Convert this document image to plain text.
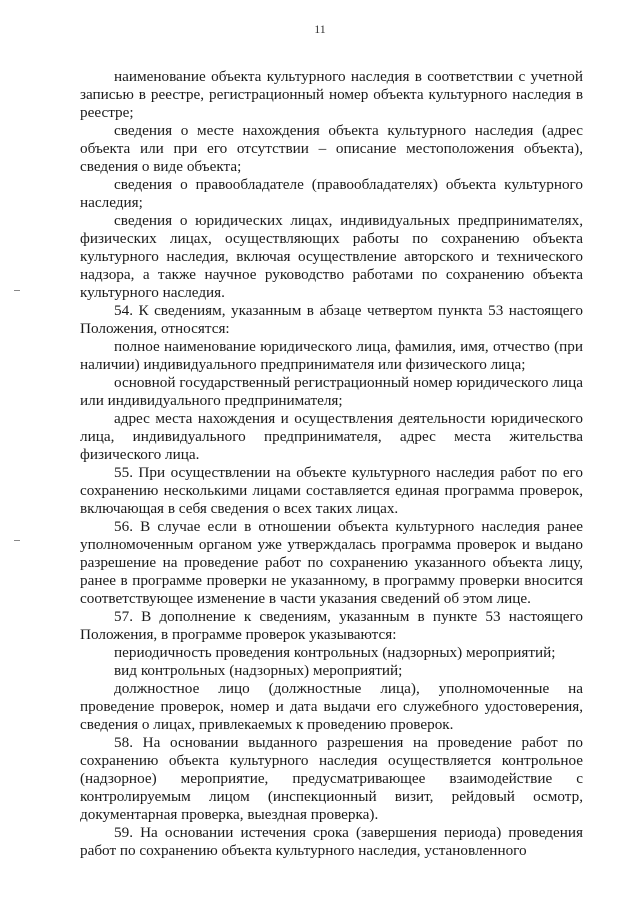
11

наименование объекта культурного наследия в соответствии с учетной записью в реестре, регистрационный номер объекта культурного наследия в реестре;

сведения о месте нахождения объекта культурного наследия (адрес объекта или при его отсутствии – описание местоположения объекта), сведения о виде объекта;

сведения о правообладателе (правообладателях) объекта культурного наследия;

сведения о юридических лицах, индивидуальных предпринимателях, физических лицах, осуществляющих работы по сохранению объекта культурного наследия, включая осуществление авторского и технического надзора, а также научное руководство работами по сохранению объекта культурного наследия.

54. К сведениям, указанным в абзаце четвертом пункта 53 настоящего Положения, относятся:

полное наименование юридического лица, фамилия, имя, отчество (при наличии) индивидуального предпринимателя или физического лица;

основной государственный регистрационный номер юридического лица или индивидуального предпринимателя;

адрес места нахождения и осуществления деятельности юридического лица, индивидуального предпринимателя, адрес места жительства физического лица.

55. При осуществлении на объекте культурного наследия работ по его сохранению несколькими лицами составляется единая программа проверок, включающая в себя сведения о всех таких лицах.

56. В случае если в отношении объекта культурного наследия ранее уполномоченным органом уже утверждалась программа проверок и выдано разрешение на проведение работ по сохранению указанного объекта лицу, ранее в программе проверки не указанному, в программу проверки вносится соответствующее изменение в части указания сведений об этом лице.

57. В дополнение к сведениям, указанным в пункте 53 настоящего Положения, в программе проверок указываются:

периодичность проведения контрольных (надзорных) мероприятий;

вид контрольных (надзорных) мероприятий;

должностное лицо (должностные лица), уполномоченные на проведение проверок, номер и дата выдачи его служебного удостоверения, сведения о лицах, привлекаемых к проведению проверок.

58. На основании выданного разрешения на проведение работ по сохранению объекта культурного наследия осуществляется контрольное (надзорное) мероприятие, предусматривающее взаимодействие с контролируемым лицом (инспекционный визит, рейдовый осмотр, документарная проверка, выездная проверка).

59. На основании истечения срока (завершения периода) проведения работ по сохранению объекта культурного наследия, установленного
